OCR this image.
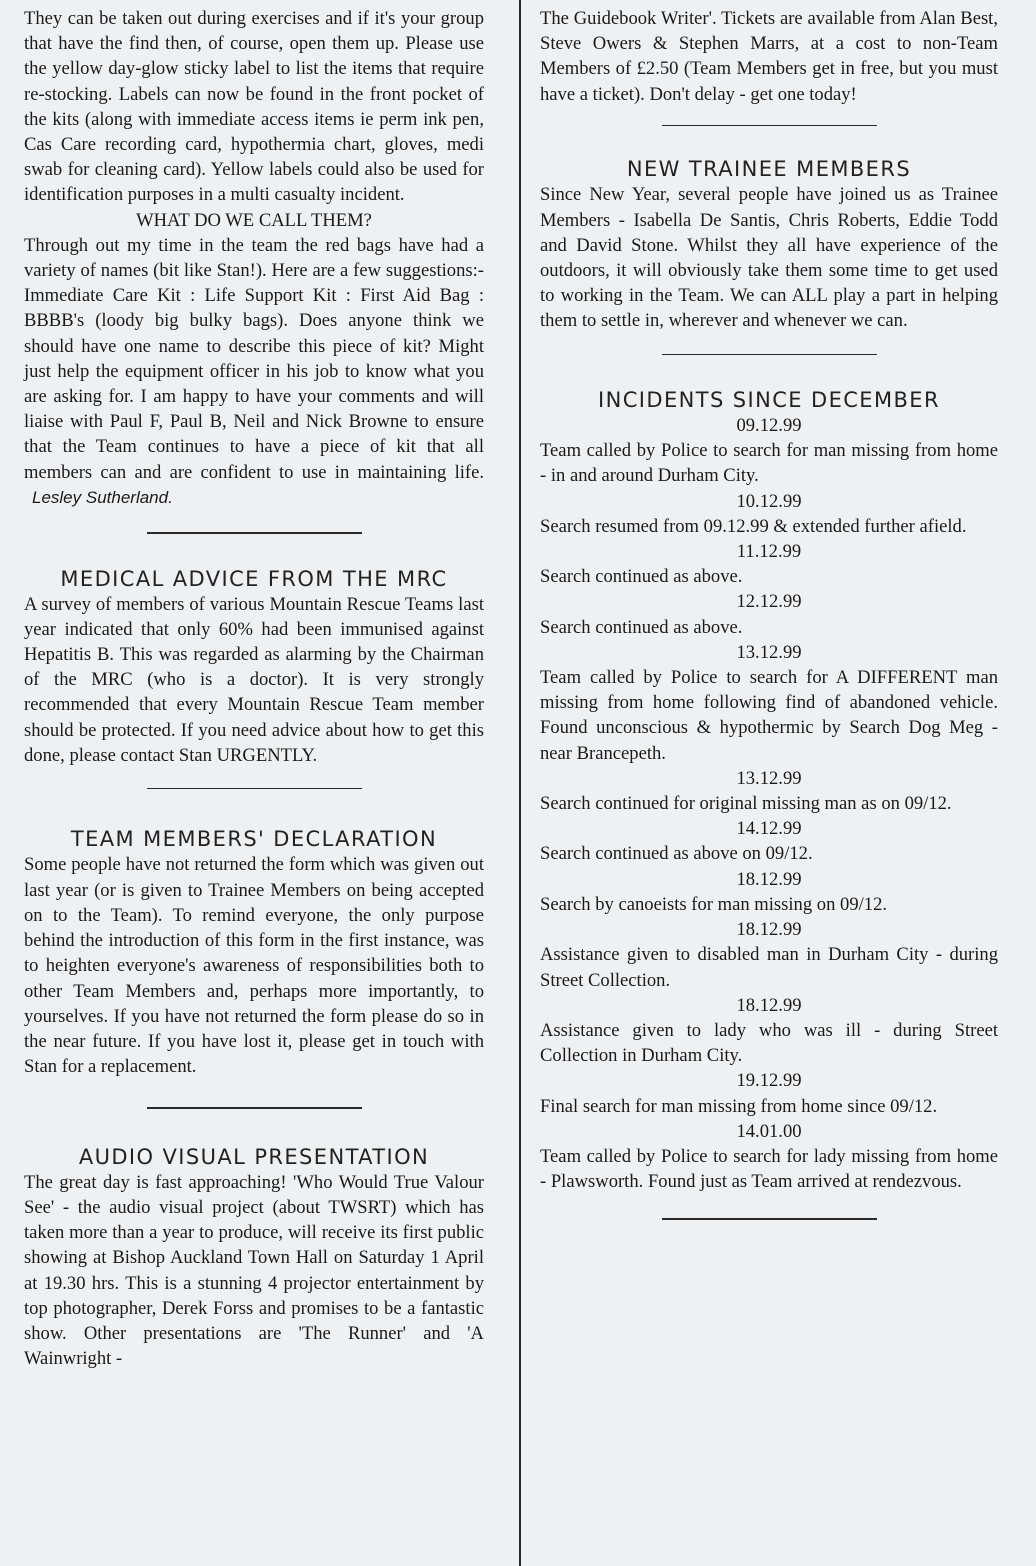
They can be taken out during exercises and if it's your group that have the find then, of course, open them up. Please use the yellow day-glow sticky label to list the items that require re-stocking. Labels can now be found in the front pocket of the kits (along with immediate access items ie perm ink pen, Cas Care recording card, hypothermia chart, gloves, medi swab for cleaning card). Yellow labels could also be used for identification purposes in a multi casualty incident.

WHAT DO WE CALL THEM?

Through out my time in the team the red bags have had a variety of names (bit like Stan!). Here are a few suggestions:- Immediate Care Kit : Life Support Kit : First Aid Bag : BBBB's (loody big bulky bags). Does anyone think we should have one name to describe this piece of kit? Might just help the equipment officer in his job to know what you are asking for. I am happy to have your comments and will liaise with Paul F, Paul B, Neil and Nick Browne to ensure that the Team continues to have a piece of kit that all members can and are confident to use in maintaining life. Lesley Sutherland.

MEDICAL ADVICE FROM THE MRC

A survey of members of various Mountain Rescue Teams last year indicated that only 60% had been immunised against Hepatitis B. This was regarded as alarming by the Chairman of the MRC (who is a doctor). It is very strongly recommended that every Mountain Rescue Team member should be protected. If you need advice about how to get this done, please contact Stan URGENTLY.

TEAM MEMBERS' DECLARATION

Some people have not returned the form which was given out last year (or is given to Trainee Members on being accepted on to the Team). To remind everyone, the only purpose behind the introduction of this form in the first instance, was to heighten everyone's awareness of responsibilities both to other Team Members and, perhaps more importantly, to yourselves. If you have not returned the form please do so in the near future. If you have lost it, please get in touch with Stan for a replacement.

AUDIO VISUAL PRESENTATION

The great day is fast approaching! 'Who Would True Valour See' - the audio visual project (about TWSRT) which has taken more than a year to produce, will receive its first public showing at Bishop Auckland Town Hall on Saturday 1 April at 19.30 hrs. This is a stunning 4 projector entertainment by top photographer, Derek Forss and promises to be a fantastic show. Other presentations are 'The Runner' and 'A Wainwright -

The Guidebook Writer'. Tickets are available from Alan Best, Steve Owers & Stephen Marrs, at a cost to non-Team Members of £2.50 (Team Members get in free, but you must have a ticket). Don't delay - get one today!

NEW TRAINEE MEMBERS

Since New Year, several people have joined us as Trainee Members - Isabella De Santis, Chris Roberts, Eddie Todd and David Stone. Whilst they all have experience of the outdoors, it will obviously take them some time to get used to working in the Team. We can ALL play a part in helping them to settle in, wherever and whenever we can.

INCIDENTS SINCE DECEMBER
09.12.99

Team called by Police to search for man missing from home - in and around Durham City.

10.12.99

Search resumed from 09.12.99 & extended further afield.

11.12.99

Search continued as above.

12.12.99

Search continued as above.

13.12.99

Team called by Police to search for A DIFFERENT man missing from home following find of abandoned vehicle. Found unconscious & hypothermic by Search Dog Meg - near Brancepeth.

13.12.99

Search continued for original missing man as on 09/12.

14.12.99

Search continued as above on 09/12.

18.12.99

Search by canoeists for man missing on 09/12.

18.12.99

Assistance given to disabled man in Durham City - during Street Collection.

18.12.99

Assistance given to lady who was ill - during Street Collection in Durham City.

19.12.99

Final search for man missing from home since 09/12.

14.01.00

Team called by Police to search for lady missing from home - Plawsworth. Found just as Team arrived at rendezvous.
